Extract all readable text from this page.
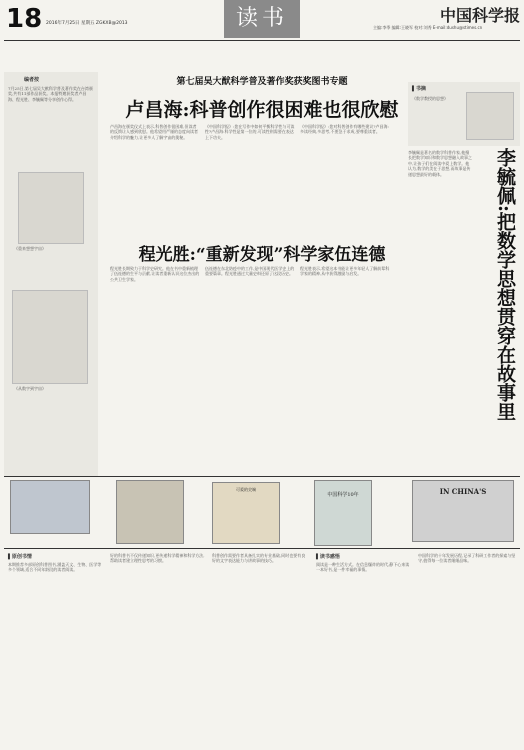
18 2016年7月25日 星期五 ZGKXB@2013	读书	中国科学报
主编:李季 编辑:王晓军 校对:刘秀 E-mail:dushu@stimes.cn
编者按
7月25日,第七届吴大猷科学普及著作奖在台湾颁奖,共有11部作品获奖。本报特邀获奖者卢昌海、程光胜、李毓佩等分享创作心得。
《重来想想宇宙》
《从数字到宇宙》
第七届吴大猷科学普及著作奖获奖图书专题
卢昌海:科普创作很困难也很欣慰
卢昌海在颁奖仪式上表示,科普创作很困难,但读者的反馈让人感到欣慰。他希望用严谨的态度向读者介绍科学的魅力,让更多人了解宇宙的奥秘。
《中国科学报》:您在写作中如何平衡科学性与可读性?卢昌海:科学性是第一位的,可读性则需要在表达上下功夫。
《中国科学报》:您对科普创作有哪些建议?卢昌海:多读经典,多思考,不要急于求成,要尊重读者。
程光胜:“重新发现”科学家伍连德
程光胜长期致力于科学史研究。他在书中重新梳理了伍连德的生平与贡献,让读者重新认识这位杰出的公共卫生学家。
伍连德在东北防疫中的工作,是中国现代医学史上的重要篇章。程光胜通过大量史料还原了这段历史。
程光胜表示,希望这本书能让更多年轻人了解前辈科学家的精神,从中获得激励与启发。
▌书摘
《数学教授的思想》
李毓佩是著名的数学科普作家,他擅长把数学知识和数学思想融入故事之中,让孩子们在阅读中爱上数学。他认为,数学的美在于思想,而故事是传递思想最好的载体。	李毓佩:把数学思想贯穿在故事里
可爱的尖端
中国科学10年	IN CHINA'S
▌原创书情
本期推荐多部原创科普图书,涵盖天文、生物、医学等多个领域,适合不同年龄段的读者阅读。
好的科普书不仅传递知识,更传递科学精神和科学方法,帮助读者建立理性思考的习惯。
科普创作需要作者具备扎实的专业基础,同时也要有良好的文字表达能力与讲故事的技巧。
▌读书感悟
阅读是一种生活方式。在信息爆炸的时代,静下心来读一本好书,是一件幸福的事情。
中国科学的十年发展历程,记录了科研工作者的探索与坚守,值得每一位读者细细品味。
